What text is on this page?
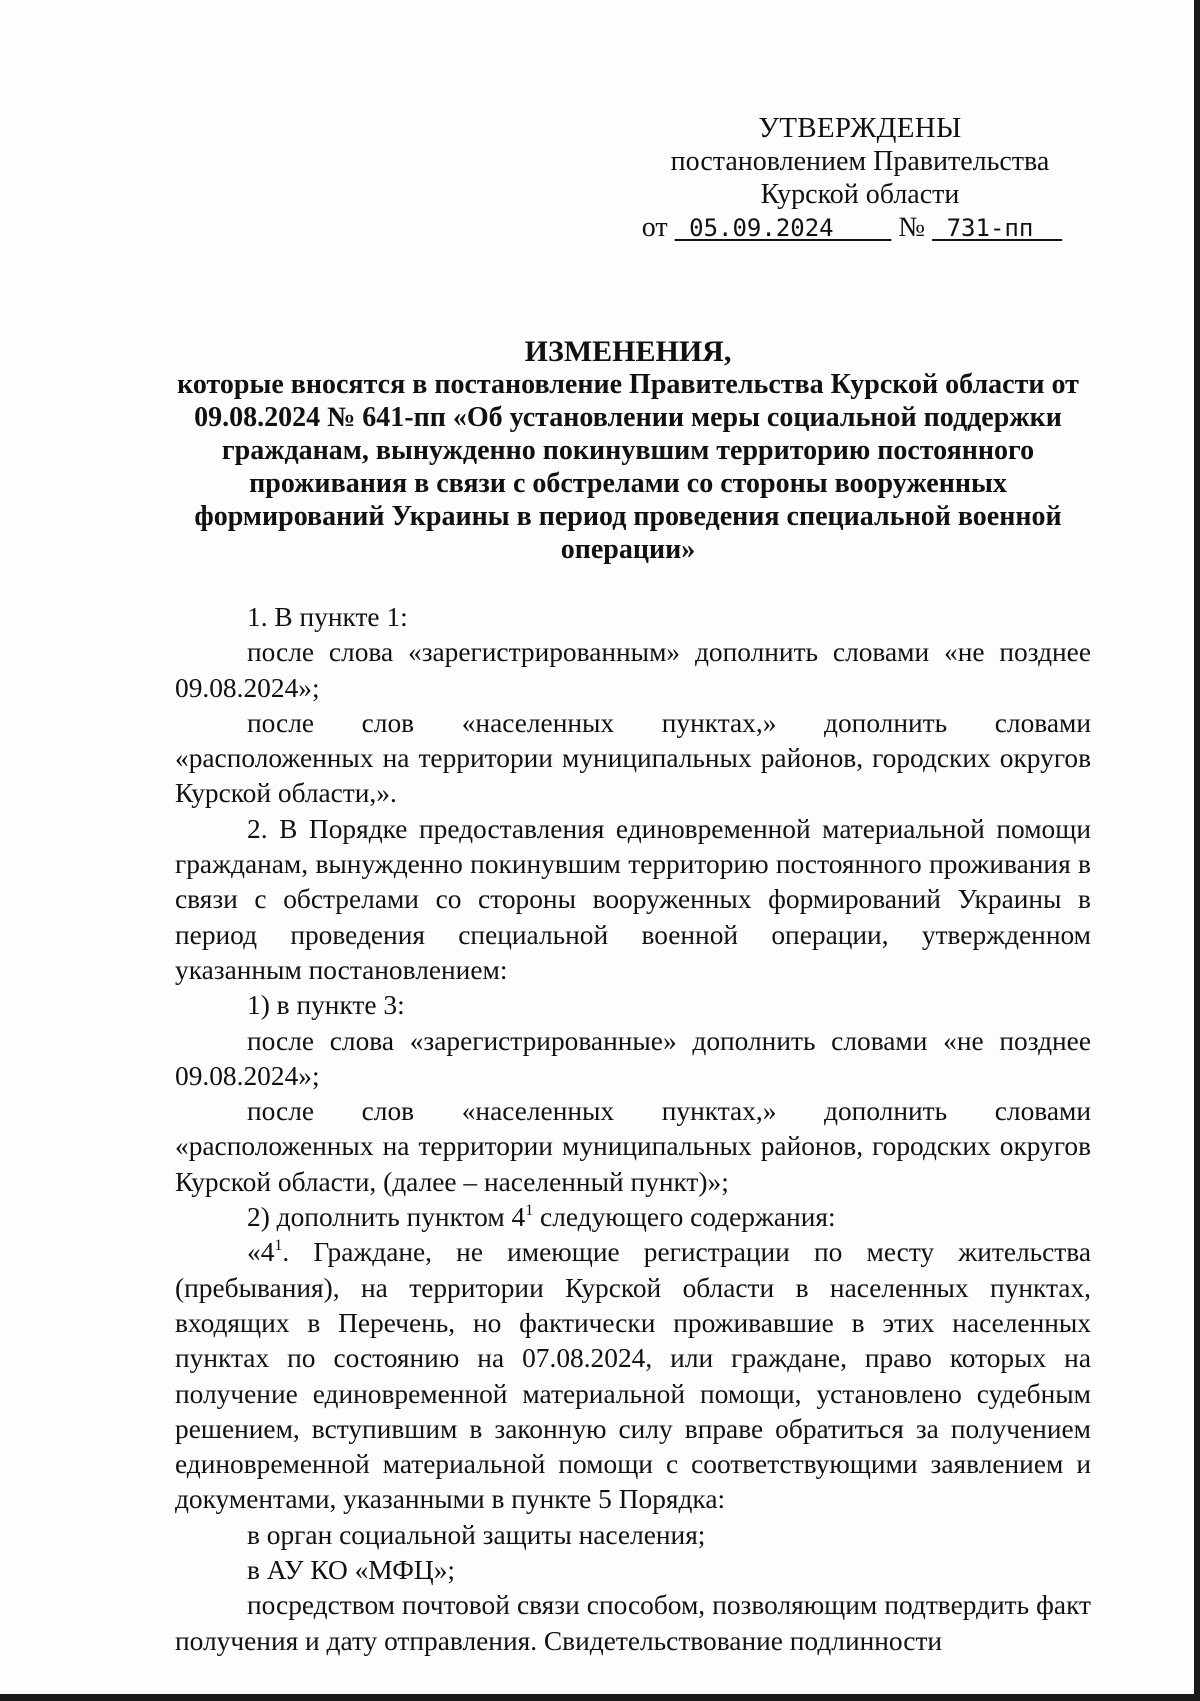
УТВЕРЖДЕНЫ
постановлением Правительства
Курской области
от 05.09.2024 № 731-пп
ИЗМЕНЕНИЯ,
которые вносятся в постановление Правительства Курской области от 09.08.2024 № 641-пп «Об установлении меры социальной поддержки гражданам, вынужденно покинувшим территорию постоянного проживания в связи с обстрелами со стороны вооруженных формирований Украины в период проведения специальной военной операции»

1. В пункте 1:

после слова «зарегистрированным» дополнить словами «не позднее 09.08.2024»;

после слов «населенных пунктах,» дополнить словами «расположенных на территории муниципальных районов, городских округов Курской области,».

2. В Порядке предоставления единовременной материальной помощи гражданам, вынужденно покинувшим территорию постоянного проживания в связи с обстрелами со стороны вооруженных формирований Украины в период проведения специальной военной операции, утвержденном указанным постановлением:

1) в пункте 3:

после слова «зарегистрированные» дополнить словами «не позднее 09.08.2024»;

после слов «населенных пунктах,» дополнить словами «расположенных на территории муниципальных районов, городских округов Курской области, (далее – населенный пункт)»;

2) дополнить пунктом $4^1$ следующего содержания:

«$4^1$. Граждане, не имеющие регистрации по месту жительства (пребывания), на территории Курской области в населенных пунктах, входящих в Перечень, но фактически проживавшие в этих населенных пунктах по состоянию на 07.08.2024, или граждане, право которых на получение единовременной материальной помощи, установлено судебным решением, вступившим в законную силу вправе обратиться за получением единовременной материальной помощи с соответствующими заявлением и документами, указанными в пункте 5 Порядка:

в орган социальной защиты населения;

в АУ КО «МФЦ»;

посредством почтовой связи способом, позволяющим подтвердить факт получения и дату отправления. Свидетельствование подлинности
